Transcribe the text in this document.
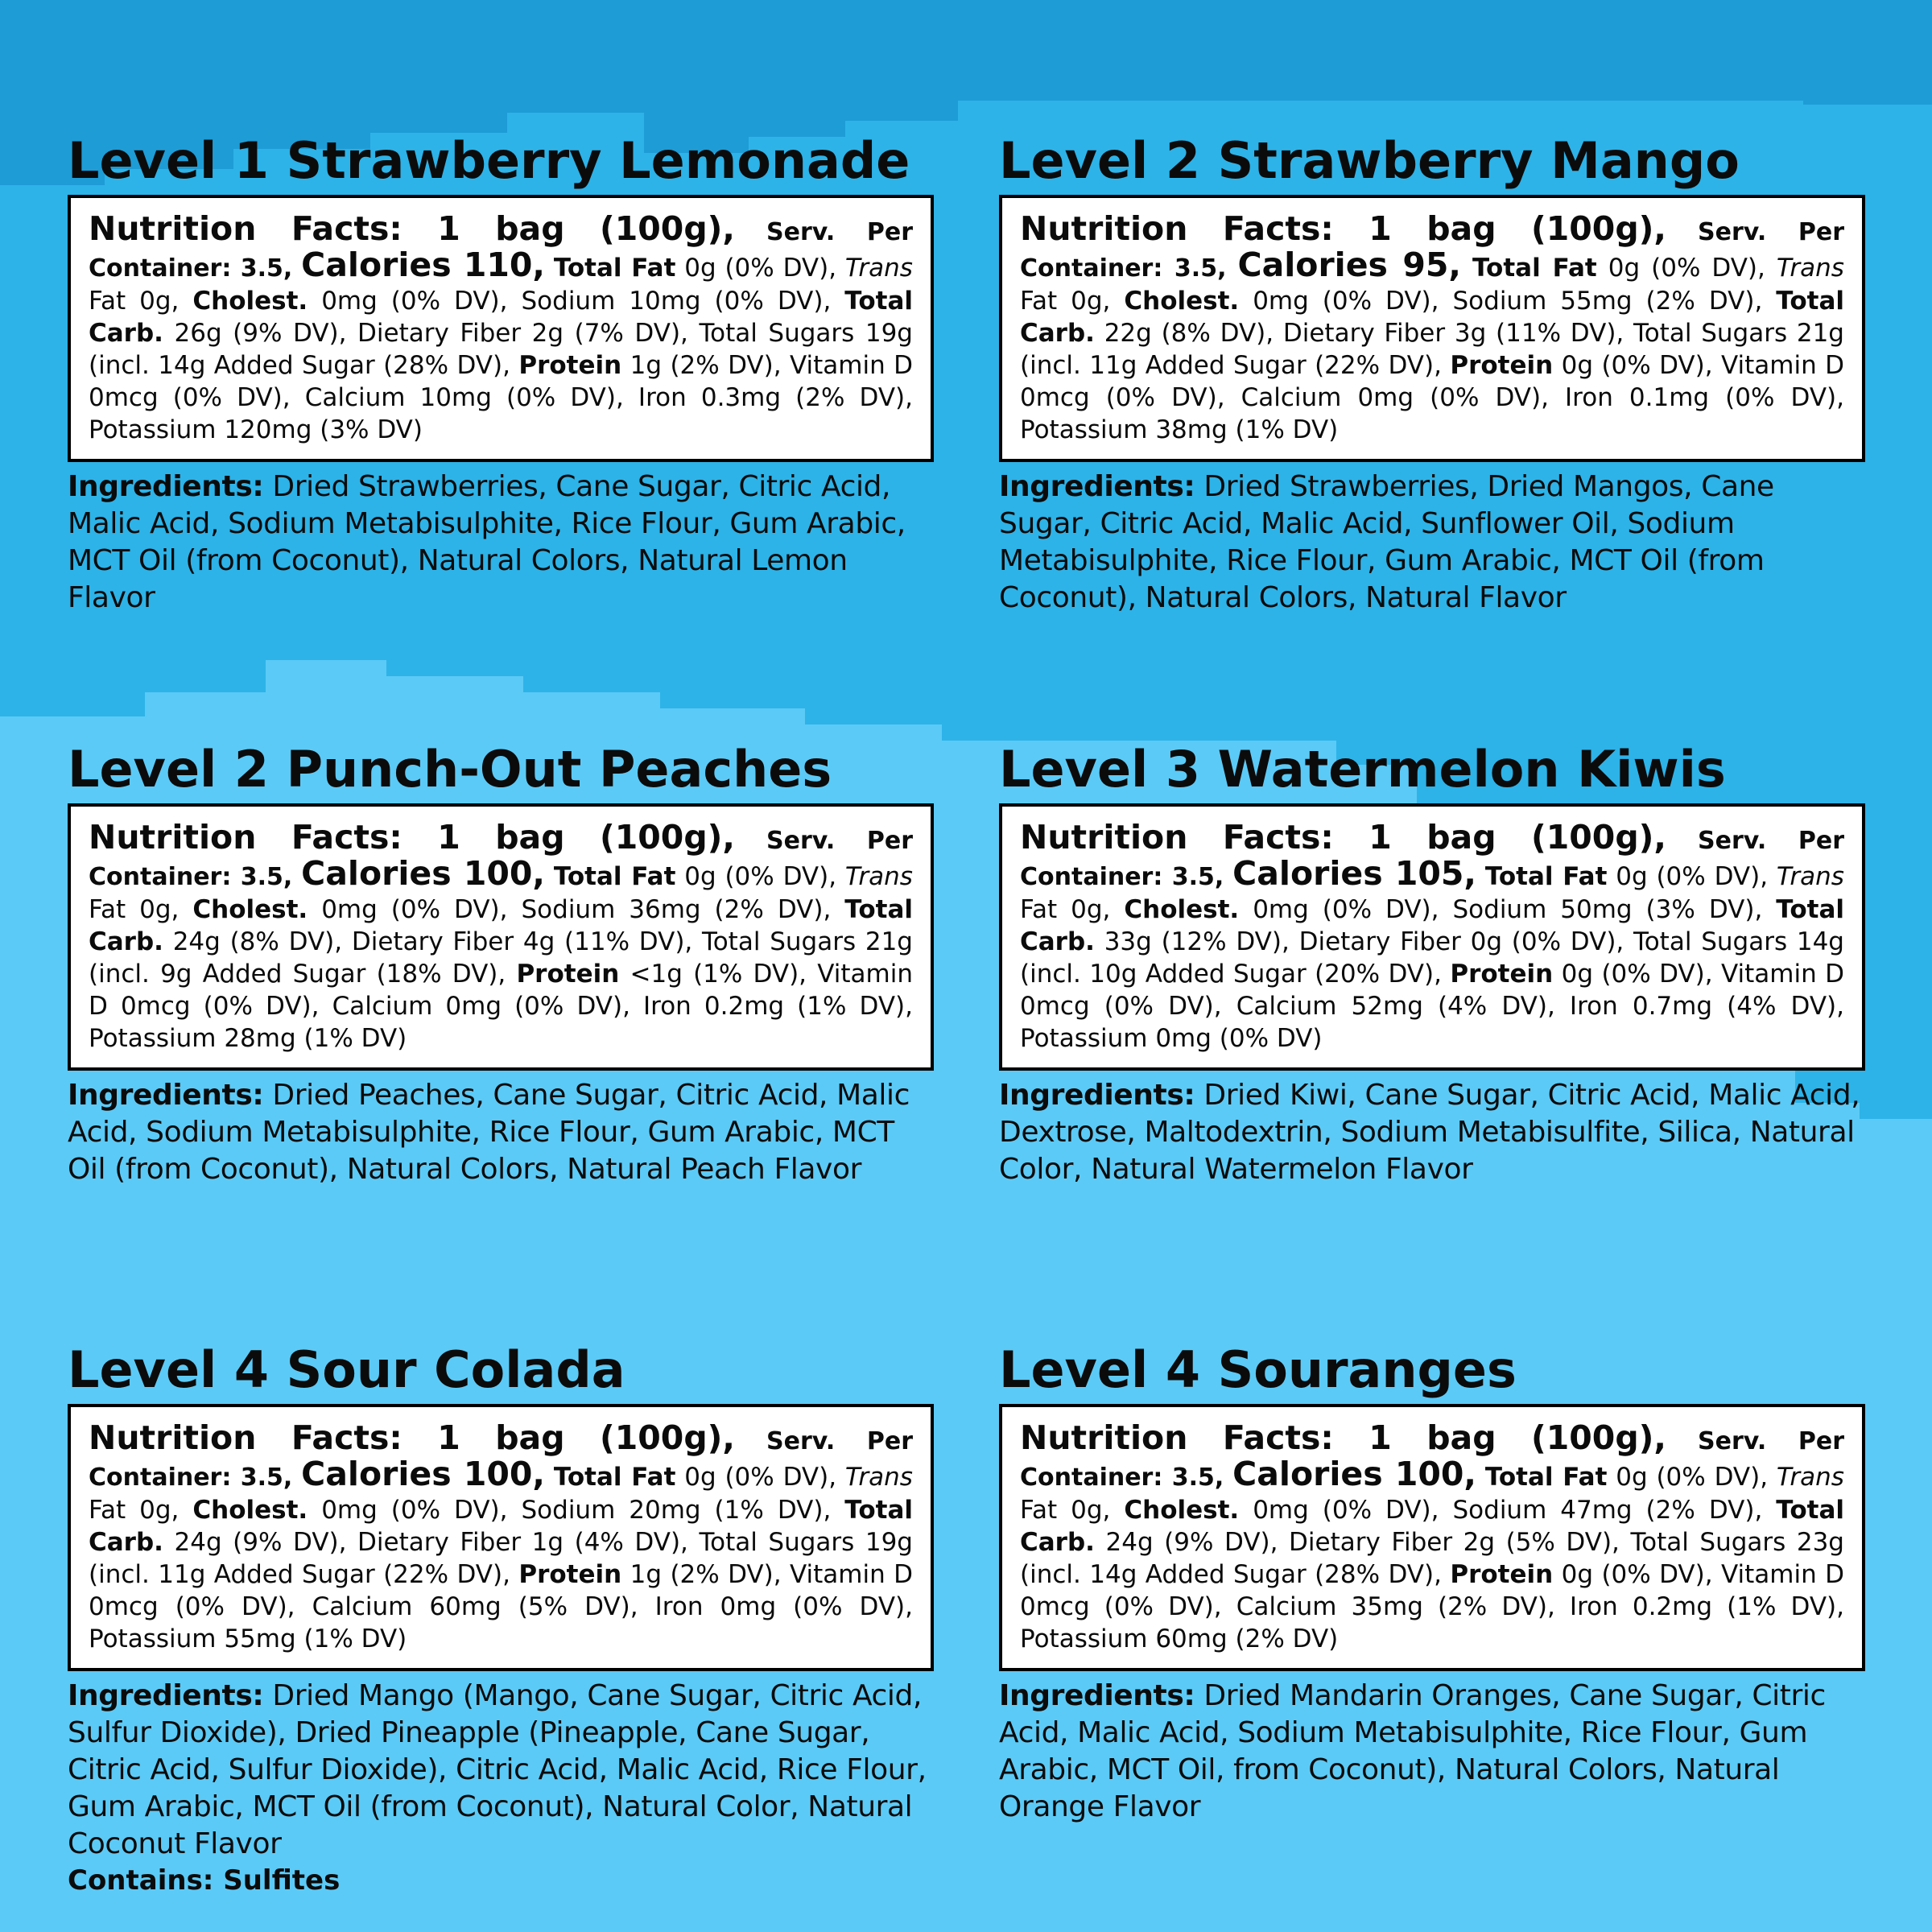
Level 1 Strawberry Lemonade
Nutrition Facts: 1 bag (100g), Serv. Per Container: 3.5, Calories 110, Total Fat 0g (0% DV), Trans Fat 0g, Cholest. 0mg (0% DV), Sodium 10mg (0% DV), Total Carb. 26g (9% DV), Dietary Fiber 2g (7% DV), Total Sugars 19g (incl. 14g Added Sugar (28% DV), Protein 1g (2% DV), Vitamin D 0mcg (0% DV), Calcium 10mg (0% DV), Iron 0.3mg (2% DV), Potassium 120mg (3% DV)
Ingredients: Dried Strawberries, Cane Sugar, Citric Acid, Malic Acid, Sodium Metabisulphite, Rice Flour, Gum Arabic, MCT Oil (from Coconut), Natural Colors, Natural Lemon Flavor
Level 2 Strawberry Mango
Nutrition Facts: 1 bag (100g), Serv. Per Container: 3.5, Calories 95, Total Fat 0g (0% DV), Trans Fat 0g, Cholest. 0mg (0% DV), Sodium 55mg (2% DV), Total Carb. 22g (8% DV), Dietary Fiber 3g (11% DV), Total Sugars 21g (incl. 11g Added Sugar (22% DV), Protein 0g (0% DV), Vitamin D 0mcg (0% DV), Calcium 0mg (0% DV), Iron 0.1mg (0% DV), Potassium 38mg (1% DV)
Ingredients: Dried Strawberries, Dried Mangos, Cane Sugar, Citric Acid, Malic Acid, Sunflower Oil, Sodium Metabisulphite, Rice Flour, Gum Arabic, MCT Oil (from Coconut), Natural Colors, Natural Flavor
Level 2 Punch-Out Peaches
Nutrition Facts: 1 bag (100g), Serv. Per Container: 3.5, Calories 100, Total Fat 0g (0% DV), Trans Fat 0g, Cholest. 0mg (0% DV), Sodium 36mg (2% DV), Total Carb. 24g (8% DV), Dietary Fiber 4g (11% DV), Total Sugars 21g (incl. 9g Added Sugar (18% DV), Protein <1g (1% DV), Vitamin D 0mcg (0% DV), Calcium 0mg (0% DV), Iron 0.2mg (1% DV), Potassium 28mg (1% DV)
Ingredients: Dried Peaches, Cane Sugar, Citric Acid, Malic Acid, Sodium Metabisulphite, Rice Flour, Gum Arabic, MCT Oil (from Coconut), Natural Colors, Natural Peach Flavor
Level 3 Watermelon Kiwis
Nutrition Facts: 1 bag (100g), Serv. Per Container: 3.5, Calories 105, Total Fat 0g (0% DV), Trans Fat 0g, Cholest. 0mg (0% DV), Sodium 50mg (3% DV), Total Carb. 33g (12% DV), Dietary Fiber 0g (0% DV), Total Sugars 14g (incl. 10g Added Sugar (20% DV), Protein 0g (0% DV), Vitamin D 0mcg (0% DV), Calcium 52mg (4% DV), Iron 0.7mg (4% DV), Potassium 0mg (0% DV)
Ingredients: Dried Kiwi, Cane Sugar, Citric Acid, Malic Acid, Dextrose, Maltodextrin, Sodium Metabisulfite, Silica, Natural Color, Natural Watermelon Flavor
Level 4 Sour Colada
Nutrition Facts: 1 bag (100g), Serv. Per Container: 3.5, Calories 100, Total Fat 0g (0% DV), Trans Fat 0g, Cholest. 0mg (0% DV), Sodium 20mg (1% DV), Total Carb. 24g (9% DV), Dietary Fiber 1g (4% DV), Total Sugars 19g (incl. 11g Added Sugar (22% DV), Protein 1g (2% DV), Vitamin D 0mcg (0% DV), Calcium 60mg (5% DV), Iron 0mg (0% DV), Potassium 55mg (1% DV)
Ingredients: Dried Mango (Mango, Cane Sugar, Citric Acid, Sulfur Dioxide), Dried Pineapple (Pineapple, Cane Sugar, Citric Acid, Sulfur Dioxide), Citric Acid, Malic Acid, Rice Flour, Gum Arabic, MCT Oil (from Coconut), Natural Color, Natural Coconut Flavor
Contains: Sulfites
Level 4 Souranges
Nutrition Facts: 1 bag (100g), Serv. Per Container: 3.5, Calories 100, Total Fat 0g (0% DV), Trans Fat 0g, Cholest. 0mg (0% DV), Sodium 47mg (2% DV), Total Carb. 24g (9% DV), Dietary Fiber 2g (5% DV), Total Sugars 23g (incl. 14g Added Sugar (28% DV), Protein 0g (0% DV), Vitamin D 0mcg (0% DV), Calcium 35mg (2% DV), Iron 0.2mg (1% DV), Potassium 60mg (2% DV)
Ingredients: Dried Mandarin Oranges, Cane Sugar, Citric Acid, Malic Acid, Sodium Metabisulphite, Rice Flour, Gum Arabic, MCT Oil, from Coconut), Natural Colors, Natural Orange Flavor
